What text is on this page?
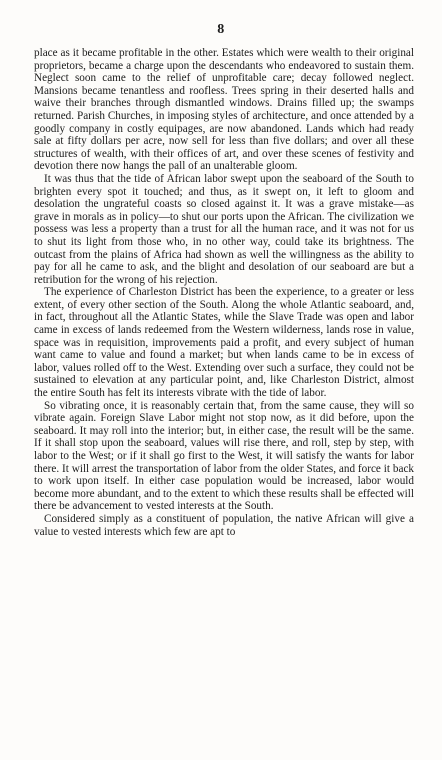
8

place as it became profitable in the other. Estates which were wealth to their original proprietors, became a charge upon the descendants who endeavored to sustain them. Neglect soon came to the relief of unprofitable care; decay followed neglect. Mansions became tenantless and roofless. Trees spring in their deserted halls and waive their branches through dismantled windows. Drains filled up; the swamps returned. Parish Churches, in imposing styles of architecture, and once attended by a goodly company in costly equipages, are now abandoned. Lands which had ready sale at fifty dollars per acre, now sell for less than five dollars; and over all these structures of wealth, with their offices of art, and over these scenes of festivity and devotion there now hangs the pall of an unalterable gloom.

It was thus that the tide of African labor swept upon the seaboard of the South to brighten every spot it touched; and thus, as it swept on, it left to gloom and desolation the ungrateful coasts so closed against it. It was a grave mistake—as grave in morals as in policy—to shut our ports upon the African. The civilization we possess was less a property than a trust for all the human race, and it was not for us to shut its light from those who, in no other way, could take its brightness. The outcast from the plains of Africa had shown as well the willingness as the ability to pay for all he came to ask, and the blight and desolation of our seaboard are but a retribution for the wrong of his rejection.

The experience of Charleston District has been the experience, to a greater or less extent, of every other section of the South. Along the whole Atlantic seaboard, and, in fact, throughout all the Atlantic States, while the Slave Trade was open and labor came in excess of lands redeemed from the Western wilderness, lands rose in value, space was in requisition, improvements paid a profit, and every subject of human want came to value and found a market; but when lands came to be in excess of labor, values rolled off to the West. Extending over such a surface, they could not be sustained to elevation at any particular point, and, like Charleston District, almost the entire South has felt its interests vibrate with the tide of labor.

So vibrating once, it is reasonably certain that, from the same cause, they will so vibrate again. Foreign Slave Labor might not stop now, as it did before, upon the seaboard. It may roll into the interior; but, in either case, the result will be the same. If it shall stop upon the seaboard, values will rise there, and roll, step by step, with labor to the West; or if it shall go first to the West, it will satisfy the wants for labor there. It will arrest the transportation of labor from the older States, and force it back to work upon itself. In either case population would be increased, labor would become more abundant, and to the extent to which these results shall be effected will there be advancement to vested interests at the South.

Considered simply as a constituent of population, the native African will give a value to vested interests which few are apt to
